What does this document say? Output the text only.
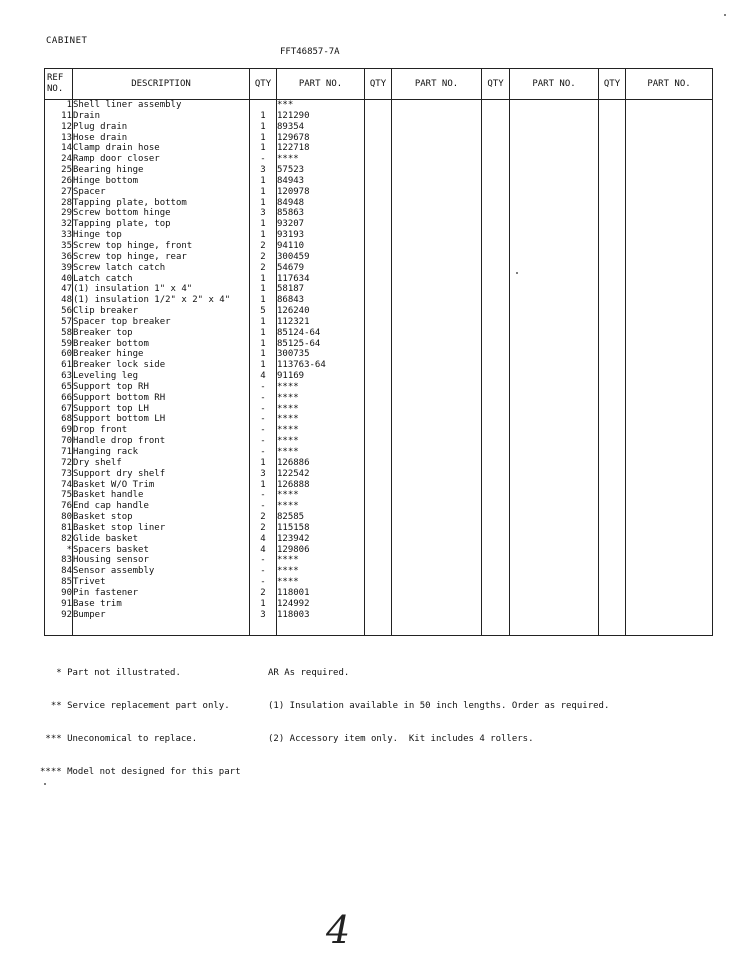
CABINET
FFT46857-7A
REF NO.	DESCRIPTION	QTY	PART NO.	QTY	PART NO.	QTY	PART NO.	QTY	PART NO.
1	Shell liner assembly		***						
11	Drain	1	121290						
12	Plug drain	1	89354						
13	Hose drain	1	129678						
14	Clamp drain hose	1	122718						
24	Ramp door closer	-	****						
25	Bearing hinge	3	57523						
26	Hinge bottom	1	84943						
27	Spacer	1	120978						
28	Tapping plate, bottom	1	84948						
29	Screw bottom hinge	3	85863						
32	Tapping plate, top	1	93207						
33	Hinge top	1	93193						
35	Screw top hinge, front	2	94110						
36	Screw top hinge, rear	2	300459						
39	Screw latch catch	2	54679						
40	Latch catch	1	117634						
47	(1) insulation 1" x 4"	1	58187						
48	(1) insulation 1/2" x 2" x 4"	1	86843						
56	Clip breaker	5	126240						
57	Spacer top breaker	1	112321						
58	Breaker top	1	85124-64						
59	Breaker bottom	1	85125-64						
60	Breaker hinge	1	300735						
61	Breaker lock side	1	113763-64						
63	Leveling leg	4	91169						
65	Support top RH	-	****						
66	Support bottom RH	-	****						
67	Support top LH	-	****						
68	Support bottom LH	-	****						
69	Drop front	-	****						
70	Handle drop front	-	****						
71	Hanging rack	-	****						
72	Dry shelf	1	126886						
73	Support dry shelf	3	122542						
74	Basket W/O Trim	1	126888						
75	Basket handle	-	****						
76	End cap handle	-	****						
80	Basket stop	2	82585						
81	Basket stop liner	2	115158						
82	Glide basket	4	123942						
*	Spacers basket	4	129806						
83	Housing sensor	-	****						
84	Sensor assembly	-	****						
85	Trivet	-	****						
90	Pin fastener	2	118001						
91	Base trim	1	124992						
92	Bumper	3	118003						

* Part not illustrated.

** Service replacement part only.

*** Uneconomical to replace.

**** Model not designed for this part

AR As required.

(1) Insulation available in 50 inch lengths. Order as required.

(2) Accessory item only.  Kit includes 4 rollers.

4
